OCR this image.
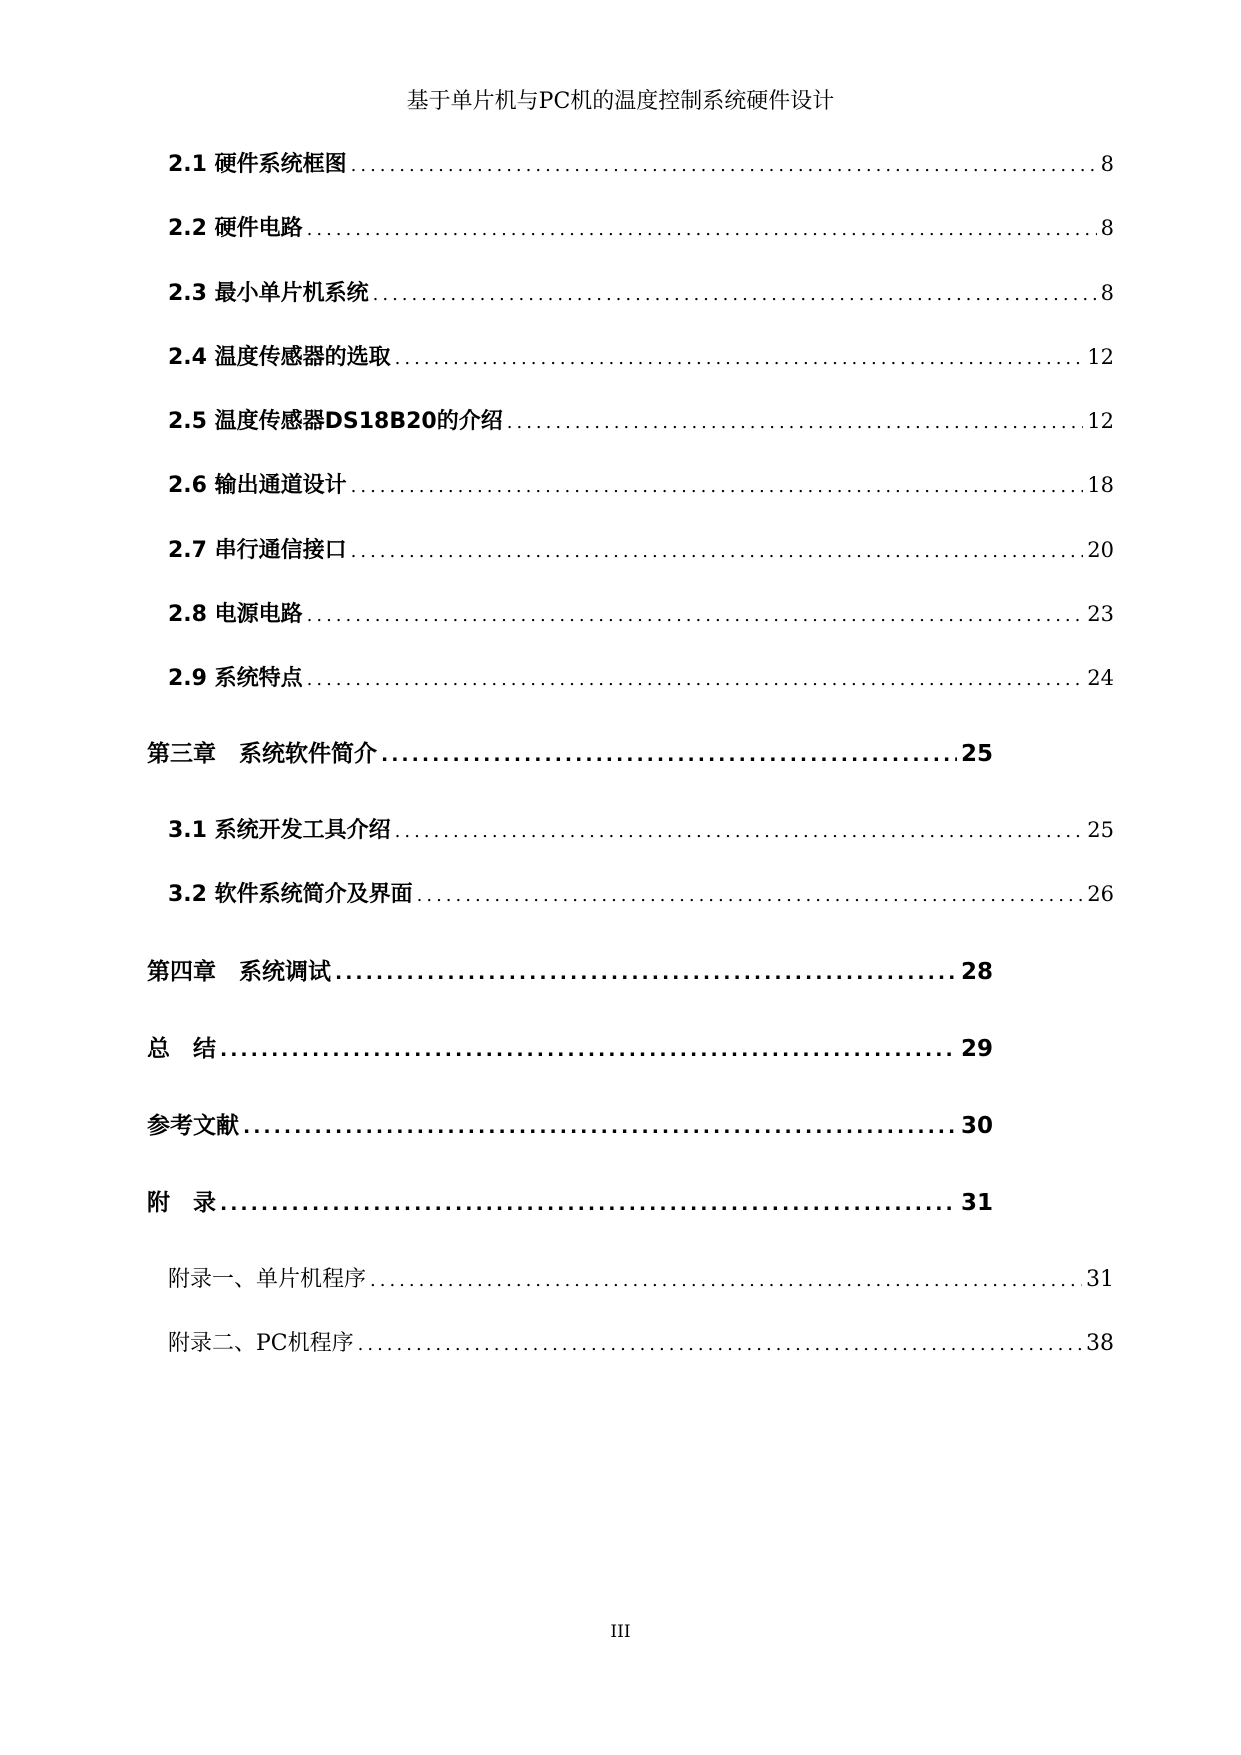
基于单片机与PC机的温度控制系统硬件设计
2.1 硬件系统框图 .....	8
2.2 硬件电路 .....	8
2.3 最小单片机系统 .....	8
2.4 温度传感器的选取 .....	12
2.5 温度传感器DS18B20的介绍 .....	12
2.6 输出通道设计 .....	18
2.7 串行通信接口 .....	20
2.8 电源电路 .....	23
2.9 系统特点 .....	24
第三章　系统软件简介 .....	25
3.1 系统开发工具介绍 .....	25
3.2 软件系统简介及界面 .....	26
第四章　系统调试 .....	28
总　结 .....	29
参考文献 .....	30
附　录 .....	31
附录一、单片机程序 .....	31
附录二、PC机程序 .....	38
III
